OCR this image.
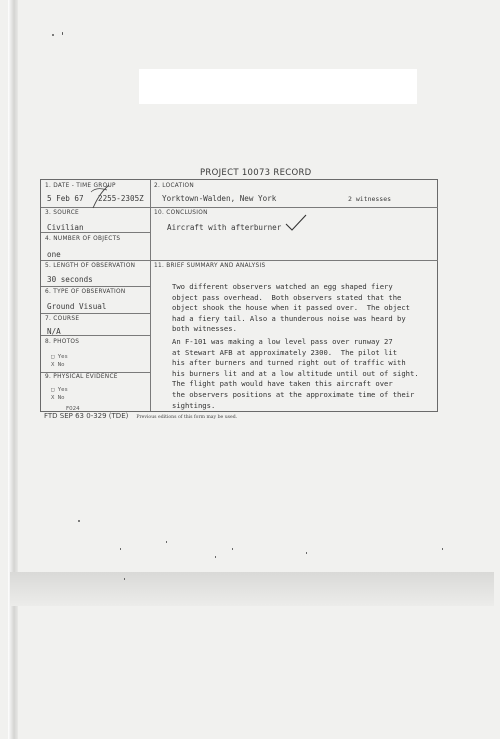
PROJECT 10073 RECORD
1. DATE - TIME GROUP
5 Feb 67 2255-2305Z
2. LOCATION
Yorktown-Walden, New York	2 witnesses
3. SOURCE
Civilian
10. CONCLUSION
Aircraft with afterburner
4. NUMBER OF OBJECTS
one
5. LENGTH OF OBSERVATION
30 seconds
6. TYPE OF OBSERVATION
Ground Visual
7. COURSE
N/A
8. PHOTOS
□ Yes
X No
9. PHYSICAL EVIDENCE
□ Yes
X No
11. BRIEF SUMMARY AND ANALYSIS
Two different observers watched an egg shaped fiery
object pass overhead.  Both observers stated that the
object shook the house when it passed over.  The object
had a fiery tail. Also a thunderous noise was heard by
both witnesses.
An F-101 was making a low level pass over runway 27
at Stewart AFB at approximately 2300.  The pilot lit
his after burners and turned right out of traffic with
his burners lit and at a low altitude until out of sight.
The flight path would have taken this aircraft over
the observers positions at the approximate time of their
sightings.
F024
FTD SEP 63 0-329 (TDE) Previous editions of this form may be used.
